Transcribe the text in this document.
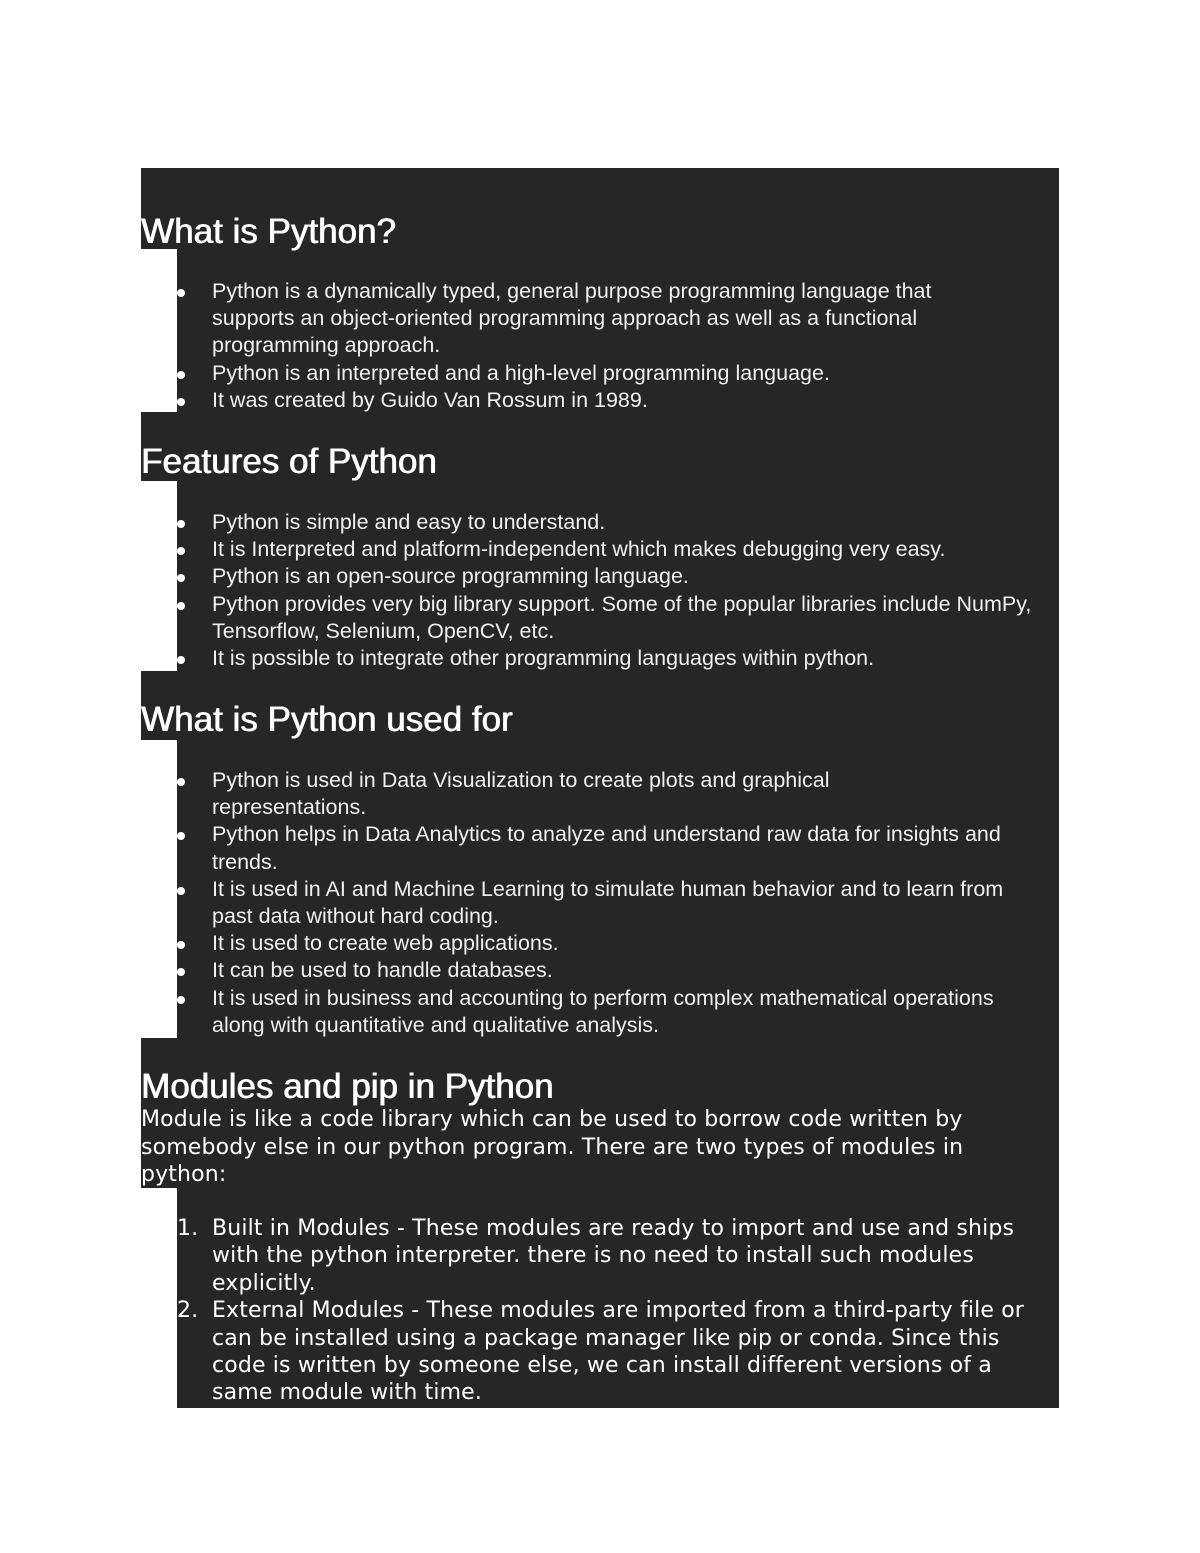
What is Python?
Python is a dynamically typed, general purpose programming language that supports an object-oriented programming approach as well as a functional programming approach.
Python is an interpreted and a high-level programming language.
It was created by Guido Van Rossum in 1989.
Features of Python
Python is simple and easy to understand.
It is Interpreted and platform-independent which makes debugging very easy.
Python is an open-source programming language.
Python provides very big library support. Some of the popular libraries include NumPy, Tensorflow, Selenium, OpenCV, etc.
It is possible to integrate other programming languages within python.
What is Python used for
Python is used in Data Visualization to create plots and graphical representations.
Python helps in Data Analytics to analyze and understand raw data for insights and trends.
It is used in AI and Machine Learning to simulate human behavior and to learn from past data without hard coding.
It is used to create web applications.
It can be used to handle databases.
It is used in business and accounting to perform complex mathematical operations along with quantitative and qualitative analysis.
Modules and pip in Python

Module is like a code library which can be used to borrow code written by somebody else in our python program. There are two types of modules in python:

1. Built in Modules - These modules are ready to import and use and ships with the python interpreter. there is no need to install such modules explicitly.
2. External Modules - These modules are imported from a third-party file or can be installed using a package manager like pip or conda. Since this code is written by someone else, we can install different versions of a same module with time.
